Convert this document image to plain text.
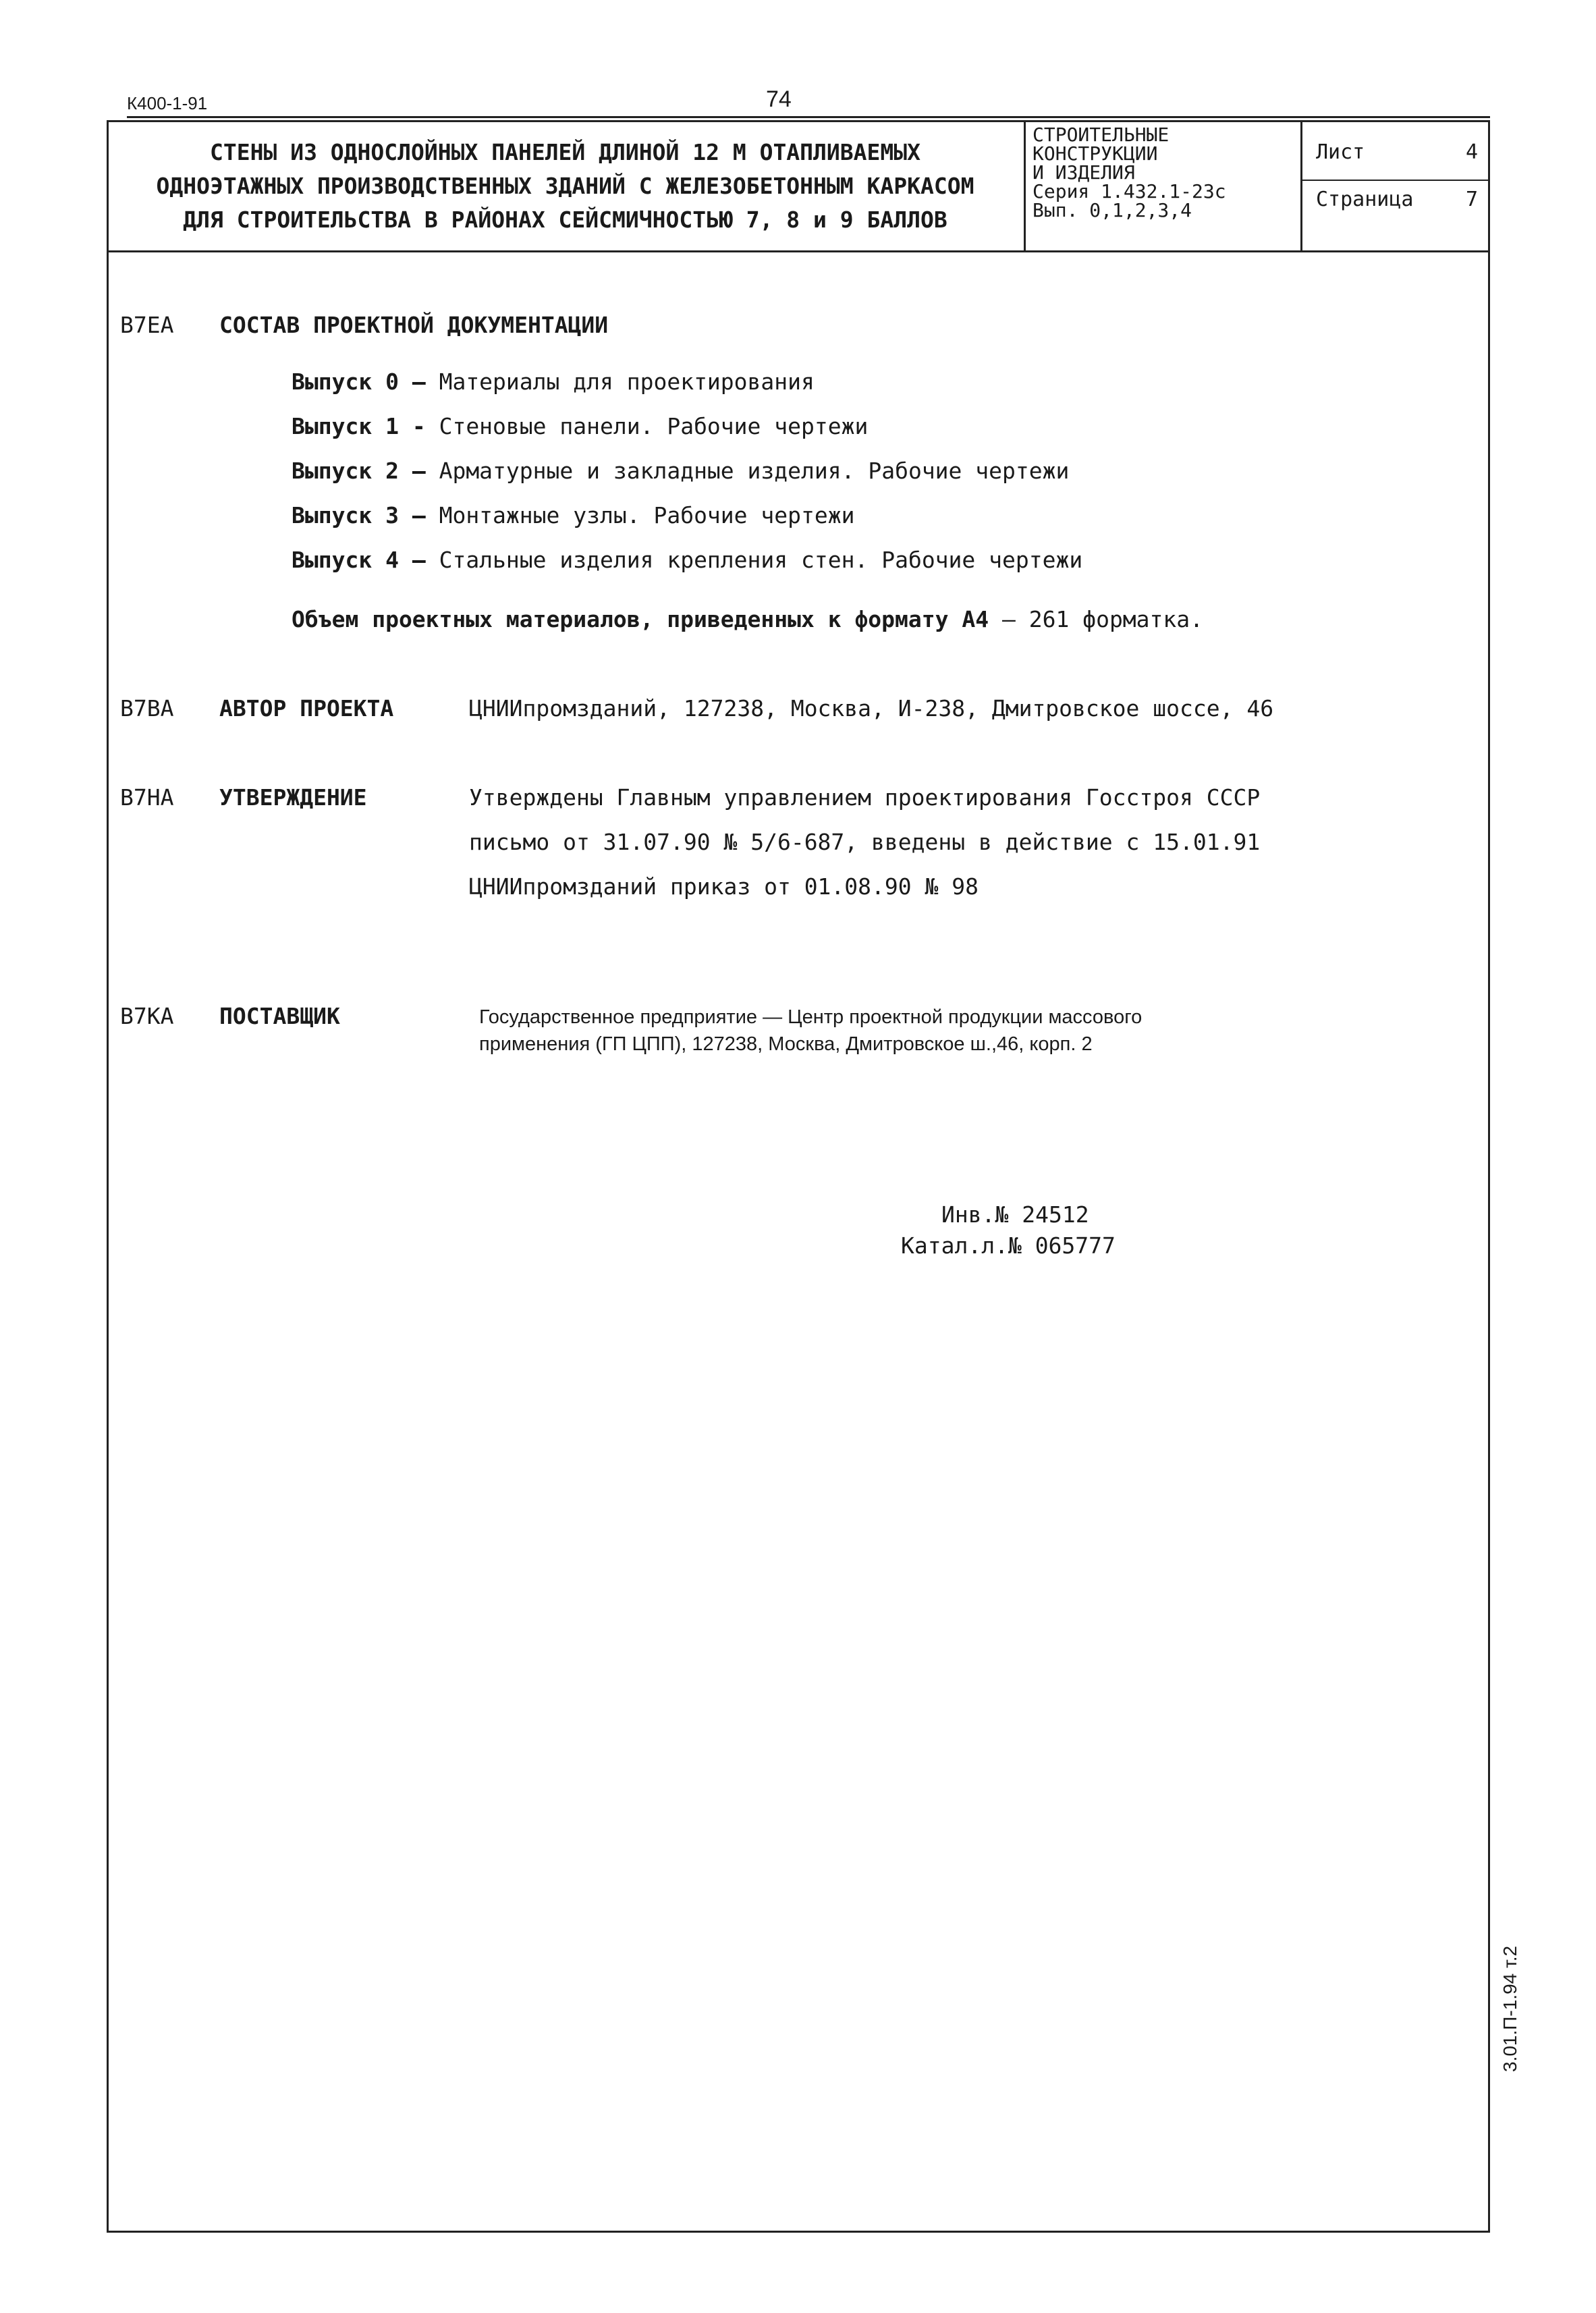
К400-1-91	74
СТЕНЫ ИЗ ОДНОСЛОЙНЫХ ПАНЕЛЕЙ ДЛИНОЙ 12 М ОТАПЛИВАЕМЫХ
ОДНОЭТАЖНЫХ ПРОИЗВОДСТВЕННЫХ ЗДАНИЙ С ЖЕЛЕЗОБЕТОННЫМ КАРКАСОМ
ДЛЯ СТРОИТЕЛЬСТВА В РАЙОНАХ СЕЙСМИЧНОСТЬЮ 7, 8 и 9 БАЛЛОВ
СТРОИТЕЛЬНЫЕ
КОНСТРУКЦИИ
И ИЗДЕЛИЯ
Серия 1.432.1-23с
Вып. 0,1,2,3,4
Лист	4
Страница	7
В7ЕА СОСТАВ ПРОЕКТНОЙ ДОКУМЕНТАЦИИ
Выпуск 0 – Материалы для проектирования
Выпуск 1 - Стеновые панели. Рабочие чертежи
Выпуск 2 – Арматурные и закладные изделия. Рабочие чертежи
Выпуск 3 – Монтажные узлы. Рабочие чертежи
Выпуск 4 – Стальные изделия крепления стен. Рабочие чертежи
Объем проектных материалов, приведенных к формату А4 – 261 форматка.
В7ВА АВТОР ПРОЕКТА	ЦНИИпромзданий, 127238, Москва, И-238, Дмитровское шоссе, 46
В7НА УТВЕРЖДЕНИЕ	Утверждены Главным управлением проектирования Госстроя СССР
письмо от 31.07.90 № 5/6-687, введены в действие с 15.01.91
ЦНИИпромзданий приказ от 01.08.90 № 98
В7КА ПОСТАВЩИК	Государственное предприятие — Центр проектной продукции массового
применения (ГП ЦПП), 127238, Москва, Дмитровское ш.,46, корп. 2
Инв.№ 24512
Катал.л.№ 065777
3.01.П-1.94 т.2
